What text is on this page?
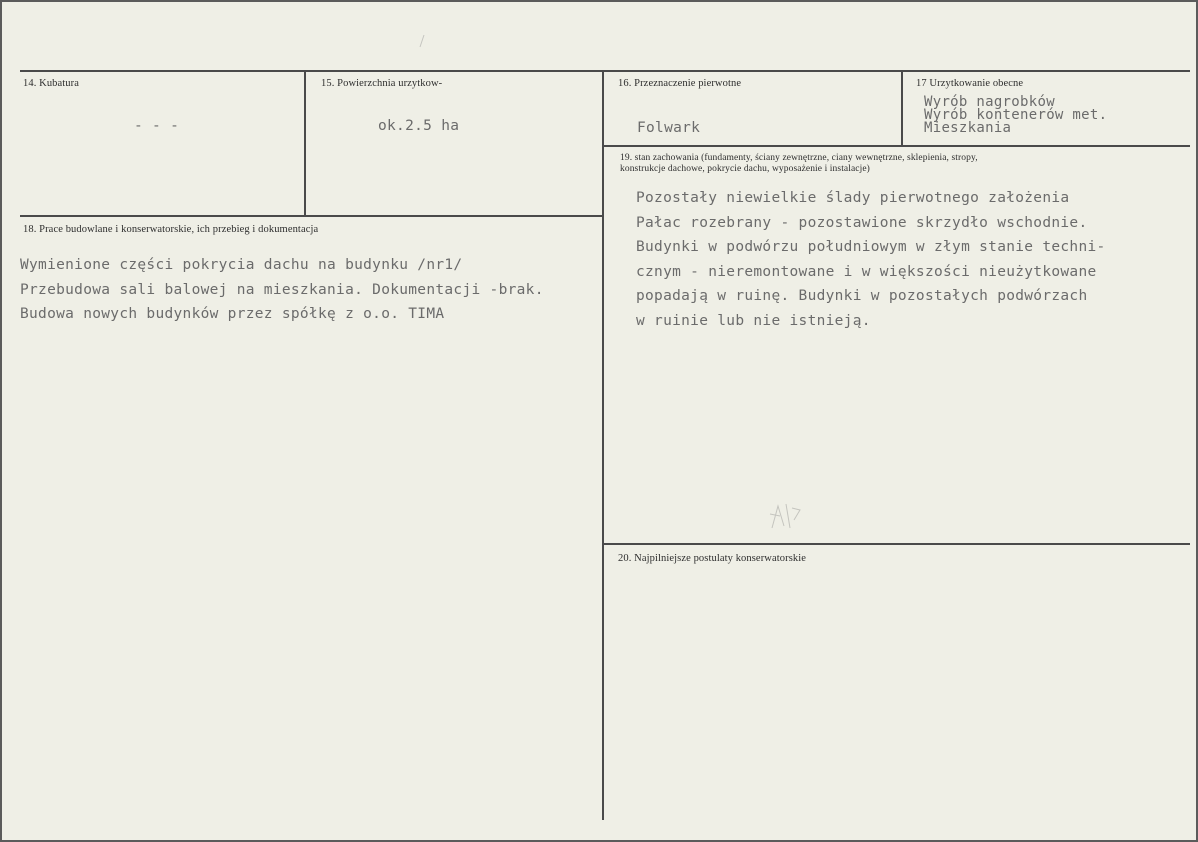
14. Kubatura
- - -
15. Powierzchnia urzytkow-
ok.2.5 ha
16. Przeznaczenie pierwotne
Folwark
17 Urzytkowanie obecne
Wyrób nagrobków
Wyrób kontenerów met.
Mieszkania
19. stan zachowania (fundamenty, ściany zewnętrzne, ciany wewnętrzne, sklepienia, stropy,
konstrukcje dachowe, pokrycie dachu, wyposażenie i instalacje)
Pozostały niewielkie ślady pierwotnego założenia
Pałac rozebrany - pozostawione skrzydło wschodnie.
Budynki w podwórzu południowym w złym stanie techni-
cznym - nieremontowane i w większości nieużytkowane
popadają w ruinę. Budynki w pozostałych podwórzach
w ruinie lub nie istnieją.
18. Prace budowlane i konserwatorskie, ich przebieg i dokumentacja
Wymienione części pokrycia dachu na budynku /nr1/
Przebudowa sali balowej na mieszkania. Dokumentacji -brak.
Budowa nowych budynków przez spółkę z o.o. TIMA
20. Najpilniejsze postulaty konserwatorskie
